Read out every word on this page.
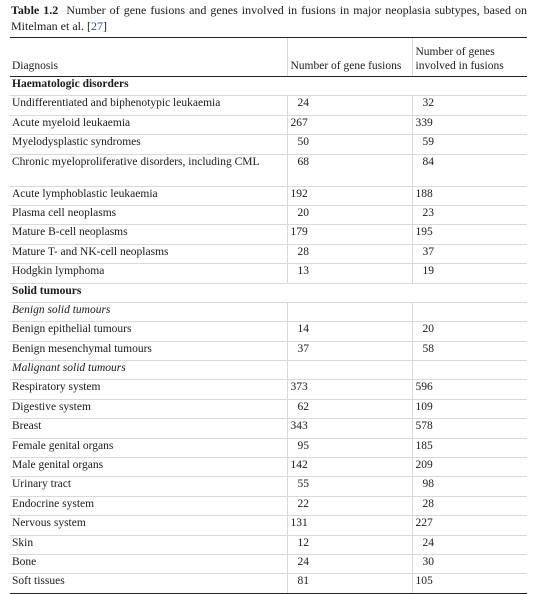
Table 1.2 Number of gene fusions and genes involved in fusions in major neoplasia subtypes, based on Mitelman et al. [27]
Diagnosis	Number of gene fusions	Number of genes involved in fusions
Haematologic disorders		
Undifferentiated and biphenotypic leukaemia	24	32
Acute myeloid leukaemia	267	339
Myelodysplastic syndromes	50	59
Chronic myeloproliferative disorders, including CML	68	84
Acute lymphoblastic leukaemia	192	188
Plasma cell neoplasms	20	23
Mature B-cell neoplasms	179	195
Mature T- and NK-cell neoplasms	28	37
Hodgkin lymphoma	13	19
Solid tumours		
Benign solid tumours		
Benign epithelial tumours	14	20
Benign mesenchymal tumours	37	58
Malignant solid tumours		
Respiratory system	373	596
Digestive system	62	109
Breast	343	578
Female genital organs	95	185
Male genital organs	142	209
Urinary tract	55	98
Endocrine system	22	28
Nervous system	131	227
Skin	12	24
Bone	24	30
Soft tissues	81	105
